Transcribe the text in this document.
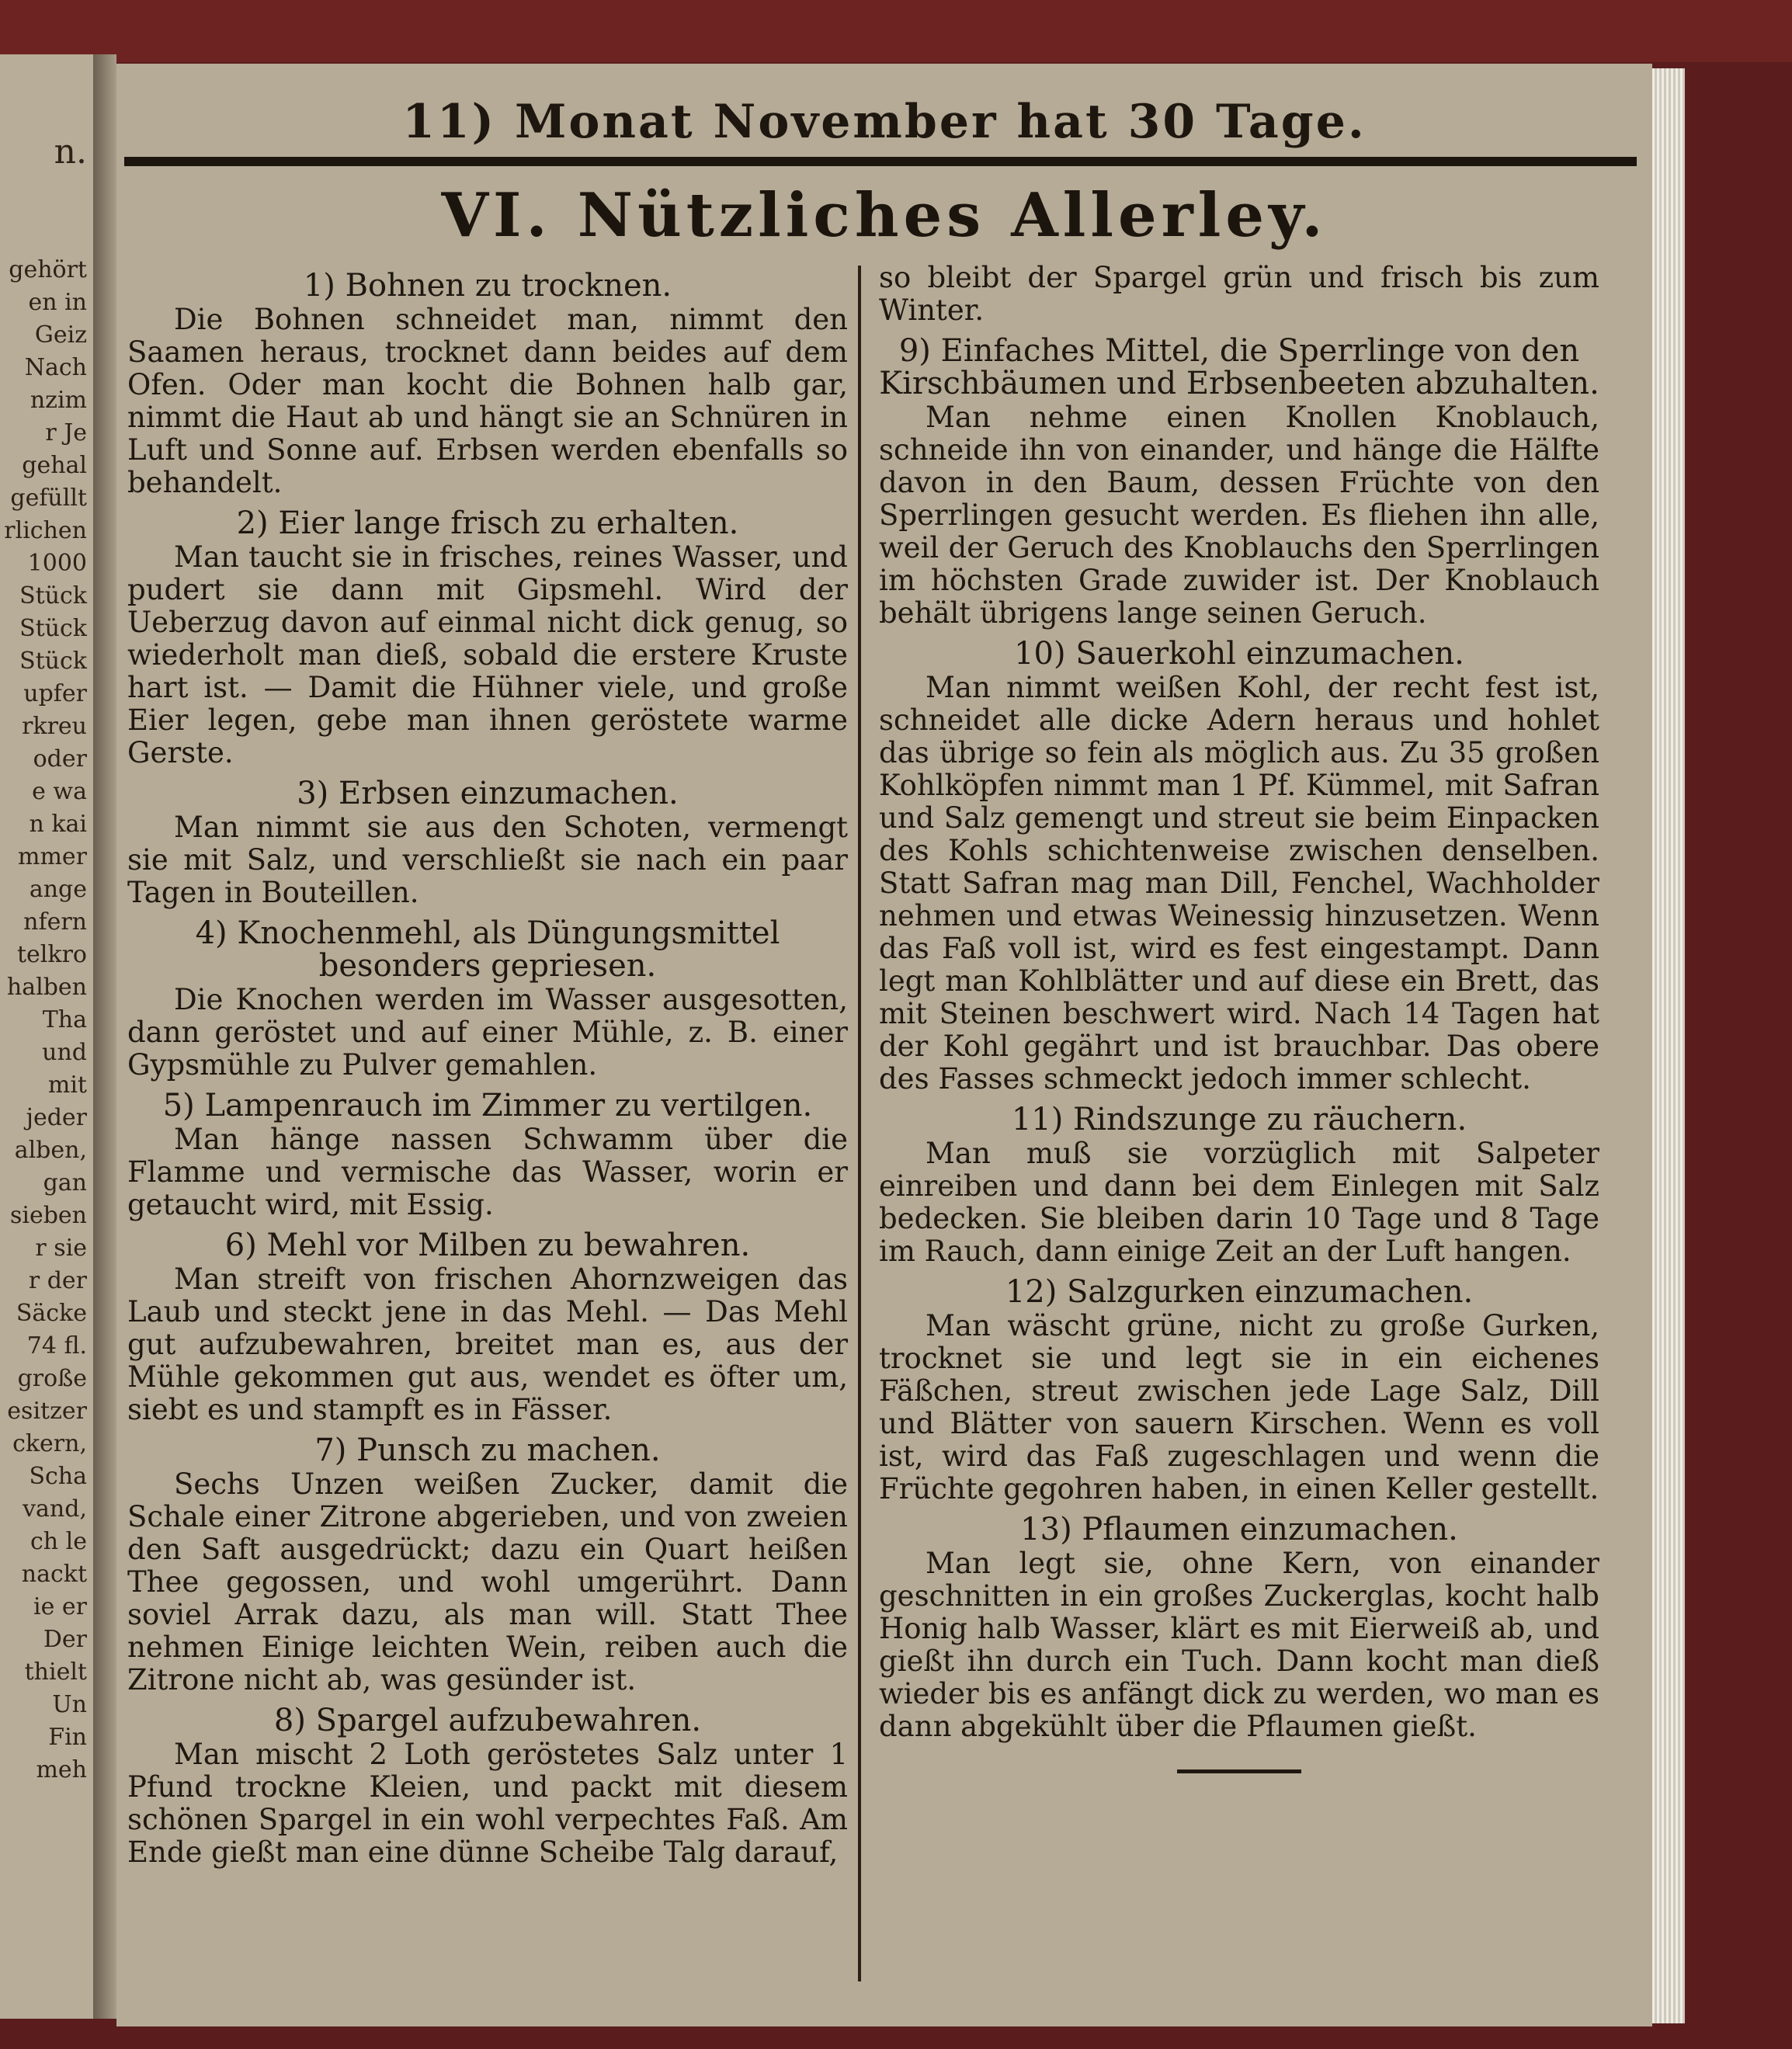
n.
gehört
en in
Geiz
Nach
nzim
r Je
gehal
gefüllt
rlichen
1000
Stück
Stück
Stück
upfer
rkreu
oder
e wa
n kai
mmer
ange
nfern
telkro
halben
Tha
und
mit
jeder
alben,
gan
sieben
r sie
r der
Säcke
74 fl.
große
esitzer
ckern,
Scha
vand,
ch le
nackt
ie er
Der
thielt
Un
Fin
meh
11) Monat November hat 30 Tage.
VI. Nützliches Allerley.
1) Bohnen zu trocknen.

Die Bohnen schneidet man, nimmt den Saamen heraus, trocknet dann beides auf dem Ofen. Oder man kocht die Bohnen halb gar, nimmt die Haut ab und hängt sie an Schnüren in Luft und Sonne auf. Erbsen werden ebenfalls so behandelt.

2) Eier lange frisch zu erhalten.

Man taucht sie in frisches, reines Wasser, und pudert sie dann mit Gipsmehl. Wird der Ueberzug davon auf einmal nicht dick genug, so wiederholt man dieß, sobald die erstere Kruste hart ist. — Damit die Hühner viele, und große Eier legen, gebe man ihnen geröstete warme Gerste.

3) Erbsen einzumachen.

Man nimmt sie aus den Schoten, vermengt sie mit Salz, und verschließt sie nach ein paar Tagen in Bouteillen.

4) Knochenmehl, als Düngungsmittel besonders gepriesen.

Die Knochen werden im Wasser ausgesotten, dann geröstet und auf einer Mühle, z. B. einer Gypsmühle zu Pulver gemahlen.

5) Lampenrauch im Zimmer zu vertilgen.

Man hänge nassen Schwamm über die Flamme und vermische das Wasser, worin er getaucht wird, mit Essig.

6) Mehl vor Milben zu bewahren.

Man streift von frischen Ahornzweigen das Laub und steckt jene in das Mehl. — Das Mehl gut aufzubewahren, breitet man es, aus der Mühle gekommen gut aus, wendet es öfter um, siebt es und stampft es in Fässer.

7) Punsch zu machen.

Sechs Unzen weißen Zucker, damit die Schale einer Zitrone abgerieben, und von zweien den Saft ausgedrückt; dazu ein Quart heißen Thee gegossen, und wohl umgerührt. Dann soviel Arrak dazu, als man will. Statt Thee nehmen Einige leichten Wein, reiben auch die Zitrone nicht ab, was gesünder ist.

8) Spargel aufzubewahren.

Man mischt 2 Loth geröstetes Salz unter 1 Pfund trockne Kleien, und packt mit diesem schönen Spargel in ein wohl verpechtes Faß. Am Ende gießt man eine dünne Scheibe Talg darauf,

so bleibt der Spargel grün und frisch bis zum Winter.

9) Einfaches Mittel, die Sperrlinge von den Kirschbäumen und Erbsenbeeten abzuhalten.

Man nehme einen Knollen Knoblauch, schneide ihn von einander, und hänge die Hälfte davon in den Baum, dessen Früchte von den Sperrlingen gesucht werden. Es fliehen ihn alle, weil der Geruch des Knoblauchs den Sperrlingen im höchsten Grade zuwider ist. Der Knoblauch behält übrigens lange seinen Geruch.

10) Sauerkohl einzumachen.

Man nimmt weißen Kohl, der recht fest ist, schneidet alle dicke Adern heraus und hohlet das übrige so fein als möglich aus. Zu 35 großen Kohlköpfen nimmt man 1 Pf. Kümmel, mit Safran und Salz gemengt und streut sie beim Einpacken des Kohls schichtenweise zwischen denselben. Statt Safran mag man Dill, Fenchel, Wachholder nehmen und etwas Weinessig hinzusetzen. Wenn das Faß voll ist, wird es fest eingestampt. Dann legt man Kohlblätter und auf diese ein Brett, das mit Steinen beschwert wird. Nach 14 Tagen hat der Kohl gegährt und ist brauchbar. Das obere des Fasses schmeckt jedoch immer schlecht.

11) Rindszunge zu räuchern.

Man muß sie vorzüglich mit Salpeter einreiben und dann bei dem Einlegen mit Salz bedecken. Sie bleiben darin 10 Tage und 8 Tage im Rauch, dann einige Zeit an der Luft hangen.

12) Salzgurken einzumachen.

Man wäscht grüne, nicht zu große Gurken, trocknet sie und legt sie in ein eichenes Fäßchen, streut zwischen jede Lage Salz, Dill und Blätter von sauern Kirschen. Wenn es voll ist, wird das Faß zugeschlagen und wenn die Früchte gegohren haben, in einen Keller gestellt.

13) Pflaumen einzumachen.

Man legt sie, ohne Kern, von einander geschnitten in ein großes Zuckerglas, kocht halb Honig halb Wasser, klärt es mit Eierweiß ab, und gießt ihn durch ein Tuch. Dann kocht man dieß wieder bis es anfängt dick zu werden, wo man es dann abgekühlt über die Pflaumen gießt.
